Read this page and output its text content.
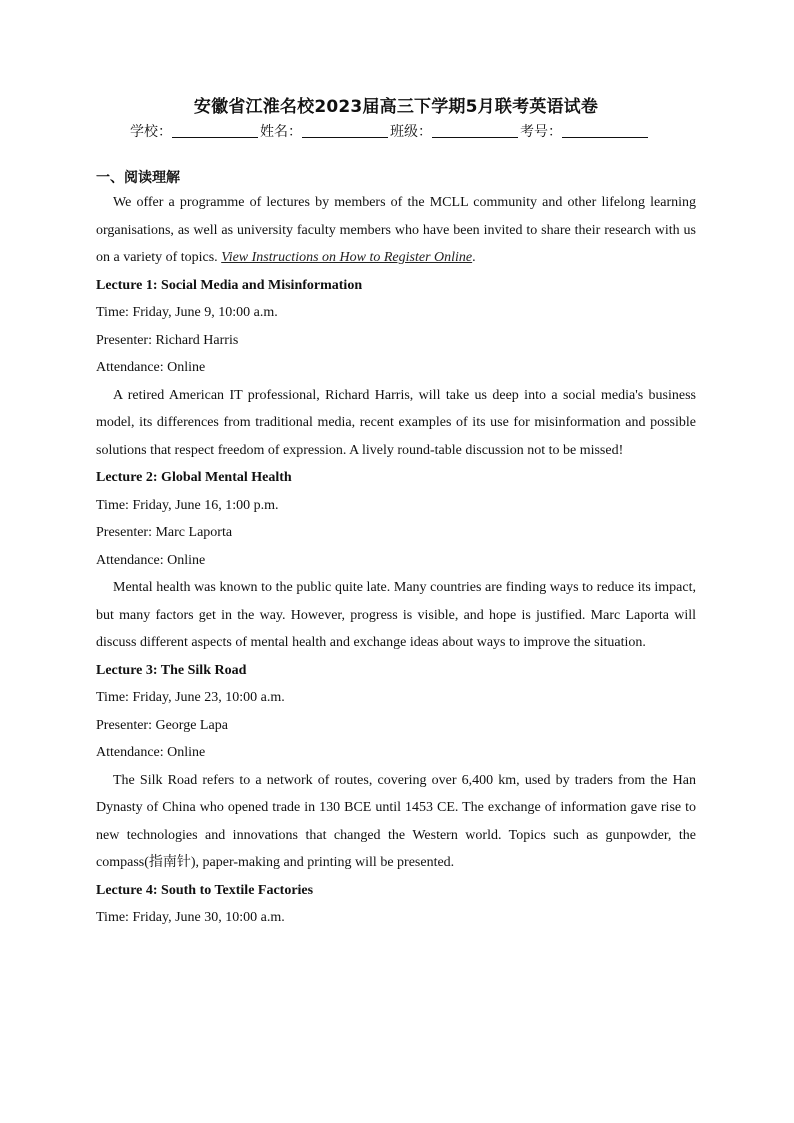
安徽省江淮名校2023届高三下学期5月联考英语试卷
学校：	姓名：	班级：	考号：
一、阅读理解

We offer a programme of lectures by members of the MCLL community and other lifelong learning organisations, as well as university faculty members who have been invited to share their research with us on a variety of topics. View Instructions on How to Register Online.

Lecture 1: Social Media and Misinformation

Time: Friday, June 9, 10:00 a.m.

Presenter: Richard Harris

Attendance: Online

A retired American IT professional, Richard Harris, will take us deep into a social media's business model, its differences from traditional media, recent examples of its use for misinformation and possible solutions that respect freedom of expression. A lively round-table discussion not to be missed!

Lecture 2: Global Mental Health

Time: Friday, June 16, 1:00 p.m.

Presenter: Marc Laporta

Attendance: Online

Mental health was known to the public quite late. Many countries are finding ways to reduce its impact, but many factors get in the way. However, progress is visible, and hope is justified. Marc Laporta will discuss different aspects of mental health and exchange ideas about ways to improve the situation.

Lecture 3: The Silk Road

Time: Friday, June 23, 10:00 a.m.

Presenter: George Lapa

Attendance: Online

The Silk Road refers to a network of routes, covering over 6,400 km, used by traders from the Han Dynasty of China who opened trade in 130 BCE until 1453 CE. The exchange of information gave rise to new technologies and innovations that changed the Western world. Topics such as gunpowder, the compass(指南针), paper-making and printing will be presented.

Lecture 4: South to Textile Factories

Time: Friday, June 30, 10:00 a.m.
